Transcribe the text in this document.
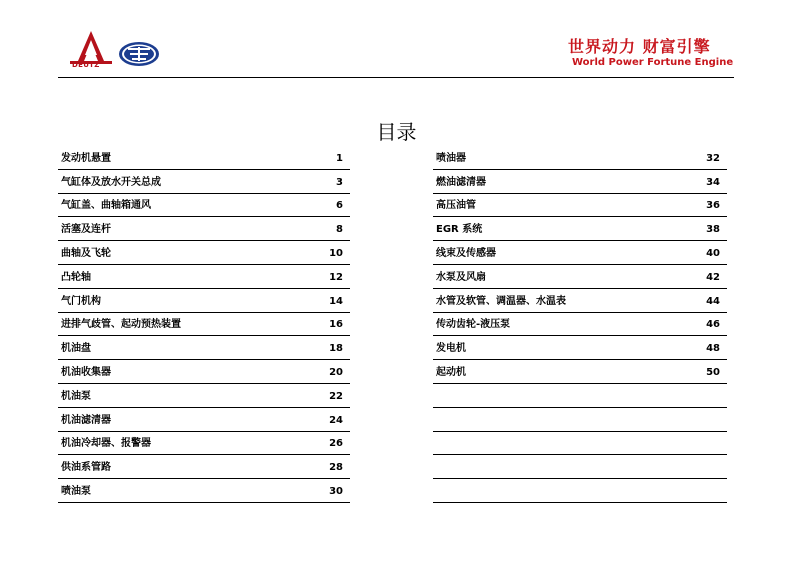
DEUTZ
世界动力 财富引擎
World Power Fortune Engine
目录
发动机悬置	1
气缸体及放水开关总成	3
气缸盖、曲轴箱通风	6
活塞及连杆	8
曲轴及飞轮	10
凸轮轴	12
气门机构	14
进排气歧管、起动预热装置	16
机油盘	18
机油收集器	20
机油泵	22
机油滤清器	24
机油冷却器、报警器	26
供油系管路	28
喷油泵	30
喷油器	32
燃油滤清器	34
高压油管	36
EGR 系统	38
线束及传感器	40
水泵及风扇	42
水管及软管、调温器、水温表	44
传动齿轮-液压泵	46
发电机	48
起动机	50
